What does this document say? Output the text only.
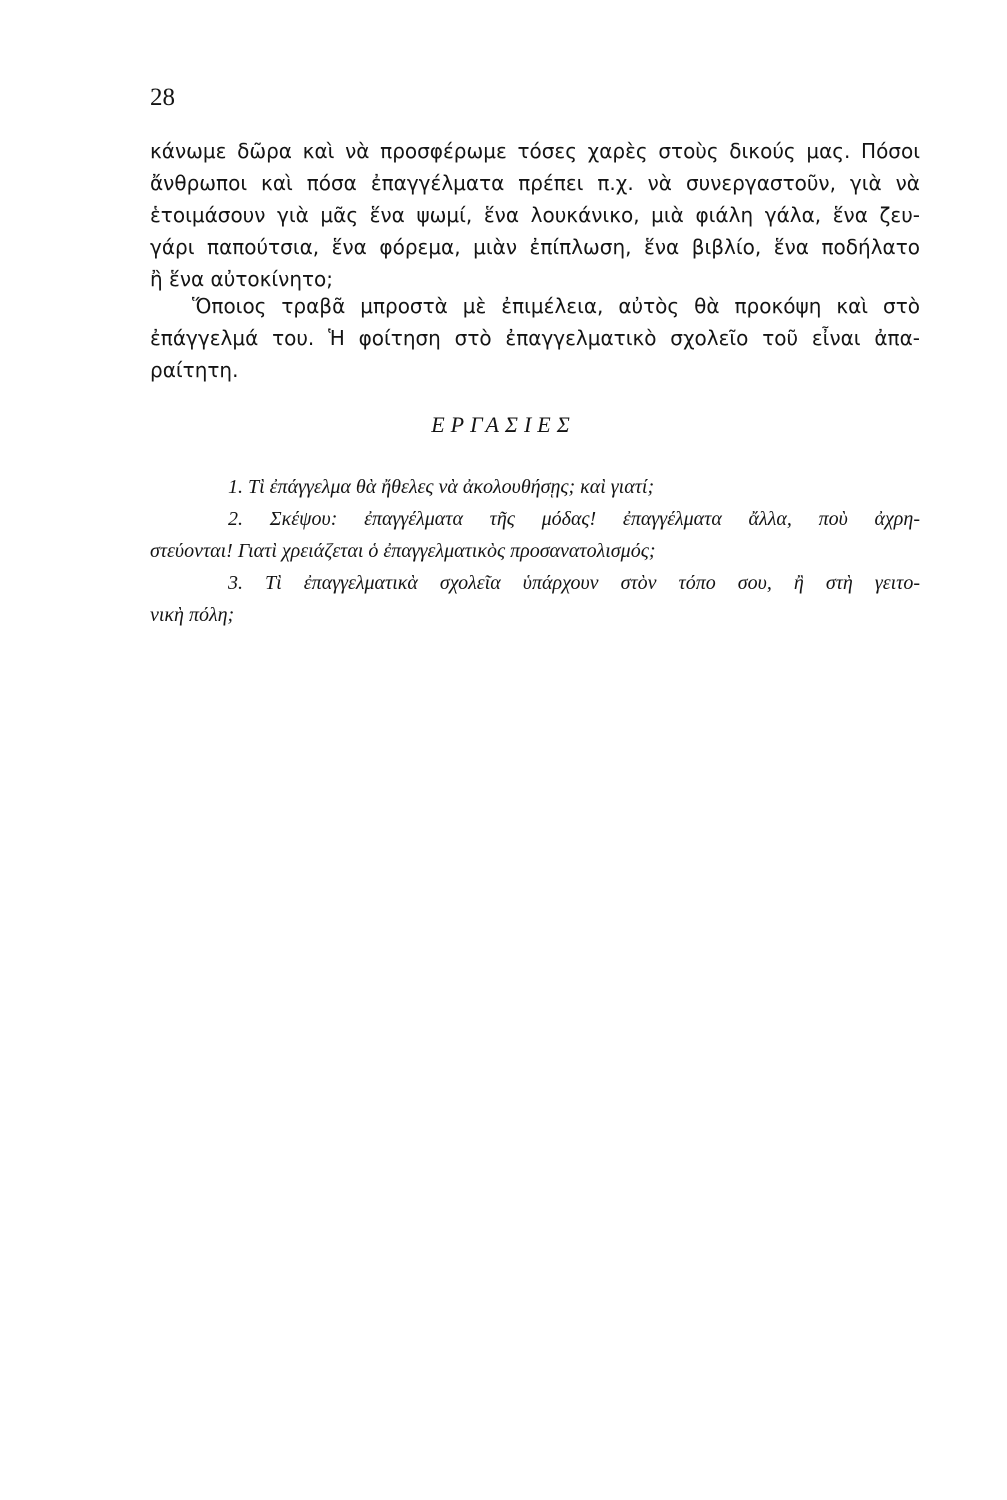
28
κάνωμε δῶρα καὶ νὰ προσφέρωμε τόσες χαρὲς στοὺς δικούς μας. Πόσοι
ἄνθρωποι καὶ πόσα ἐπαγγέλματα πρέπει π.χ. νὰ συνεργαστοῦν, γιὰ νὰ
ἑτοιμάσουν γιὰ μᾶς ἕνα ψωμί, ἕνα λουκάνικο, μιὰ φιάλη γάλα, ἕνα ζευ-
γάρι παπούτσια, ἕνα φόρεμα, μιὰν ἐπίπλωση, ἕνα βιβλίο, ἕνα ποδήλατο
ἢ ἕνα αὐτοκίνητο;
Ὅποιος τραβᾶ μπροστὰ μὲ ἐπιμέλεια, αὐτὸς θὰ προκόψη καὶ στὸ
ἐπάγγελμά του. Ἡ φοίτηση στὸ ἐπαγγελματικὸ σχολεῖο τοῦ εἶναι ἀπα-
ραίτητη.
ΕΡΓΑΣΙΕΣ
1. Τὶ ἐπάγγελμα θὰ ἤθελες νὰ ἀκολουθήσῃς; καὶ γιατί;
2. Σκέψου: ἐπαγγέλματα τῆς μόδας! ἐπαγγέλματα ἄλλα, ποὺ ἀχρη-
στεύονται! Γιατὶ χρειάζεται ὁ ἐπαγγελματικὸς προσανατολισμός;
3. Τὶ ἐπαγγελματικὰ σχολεῖα ὑπάρχουν στὸν τόπο σου, ἢ στὴ γειτο-
νικὴ πόλη;
